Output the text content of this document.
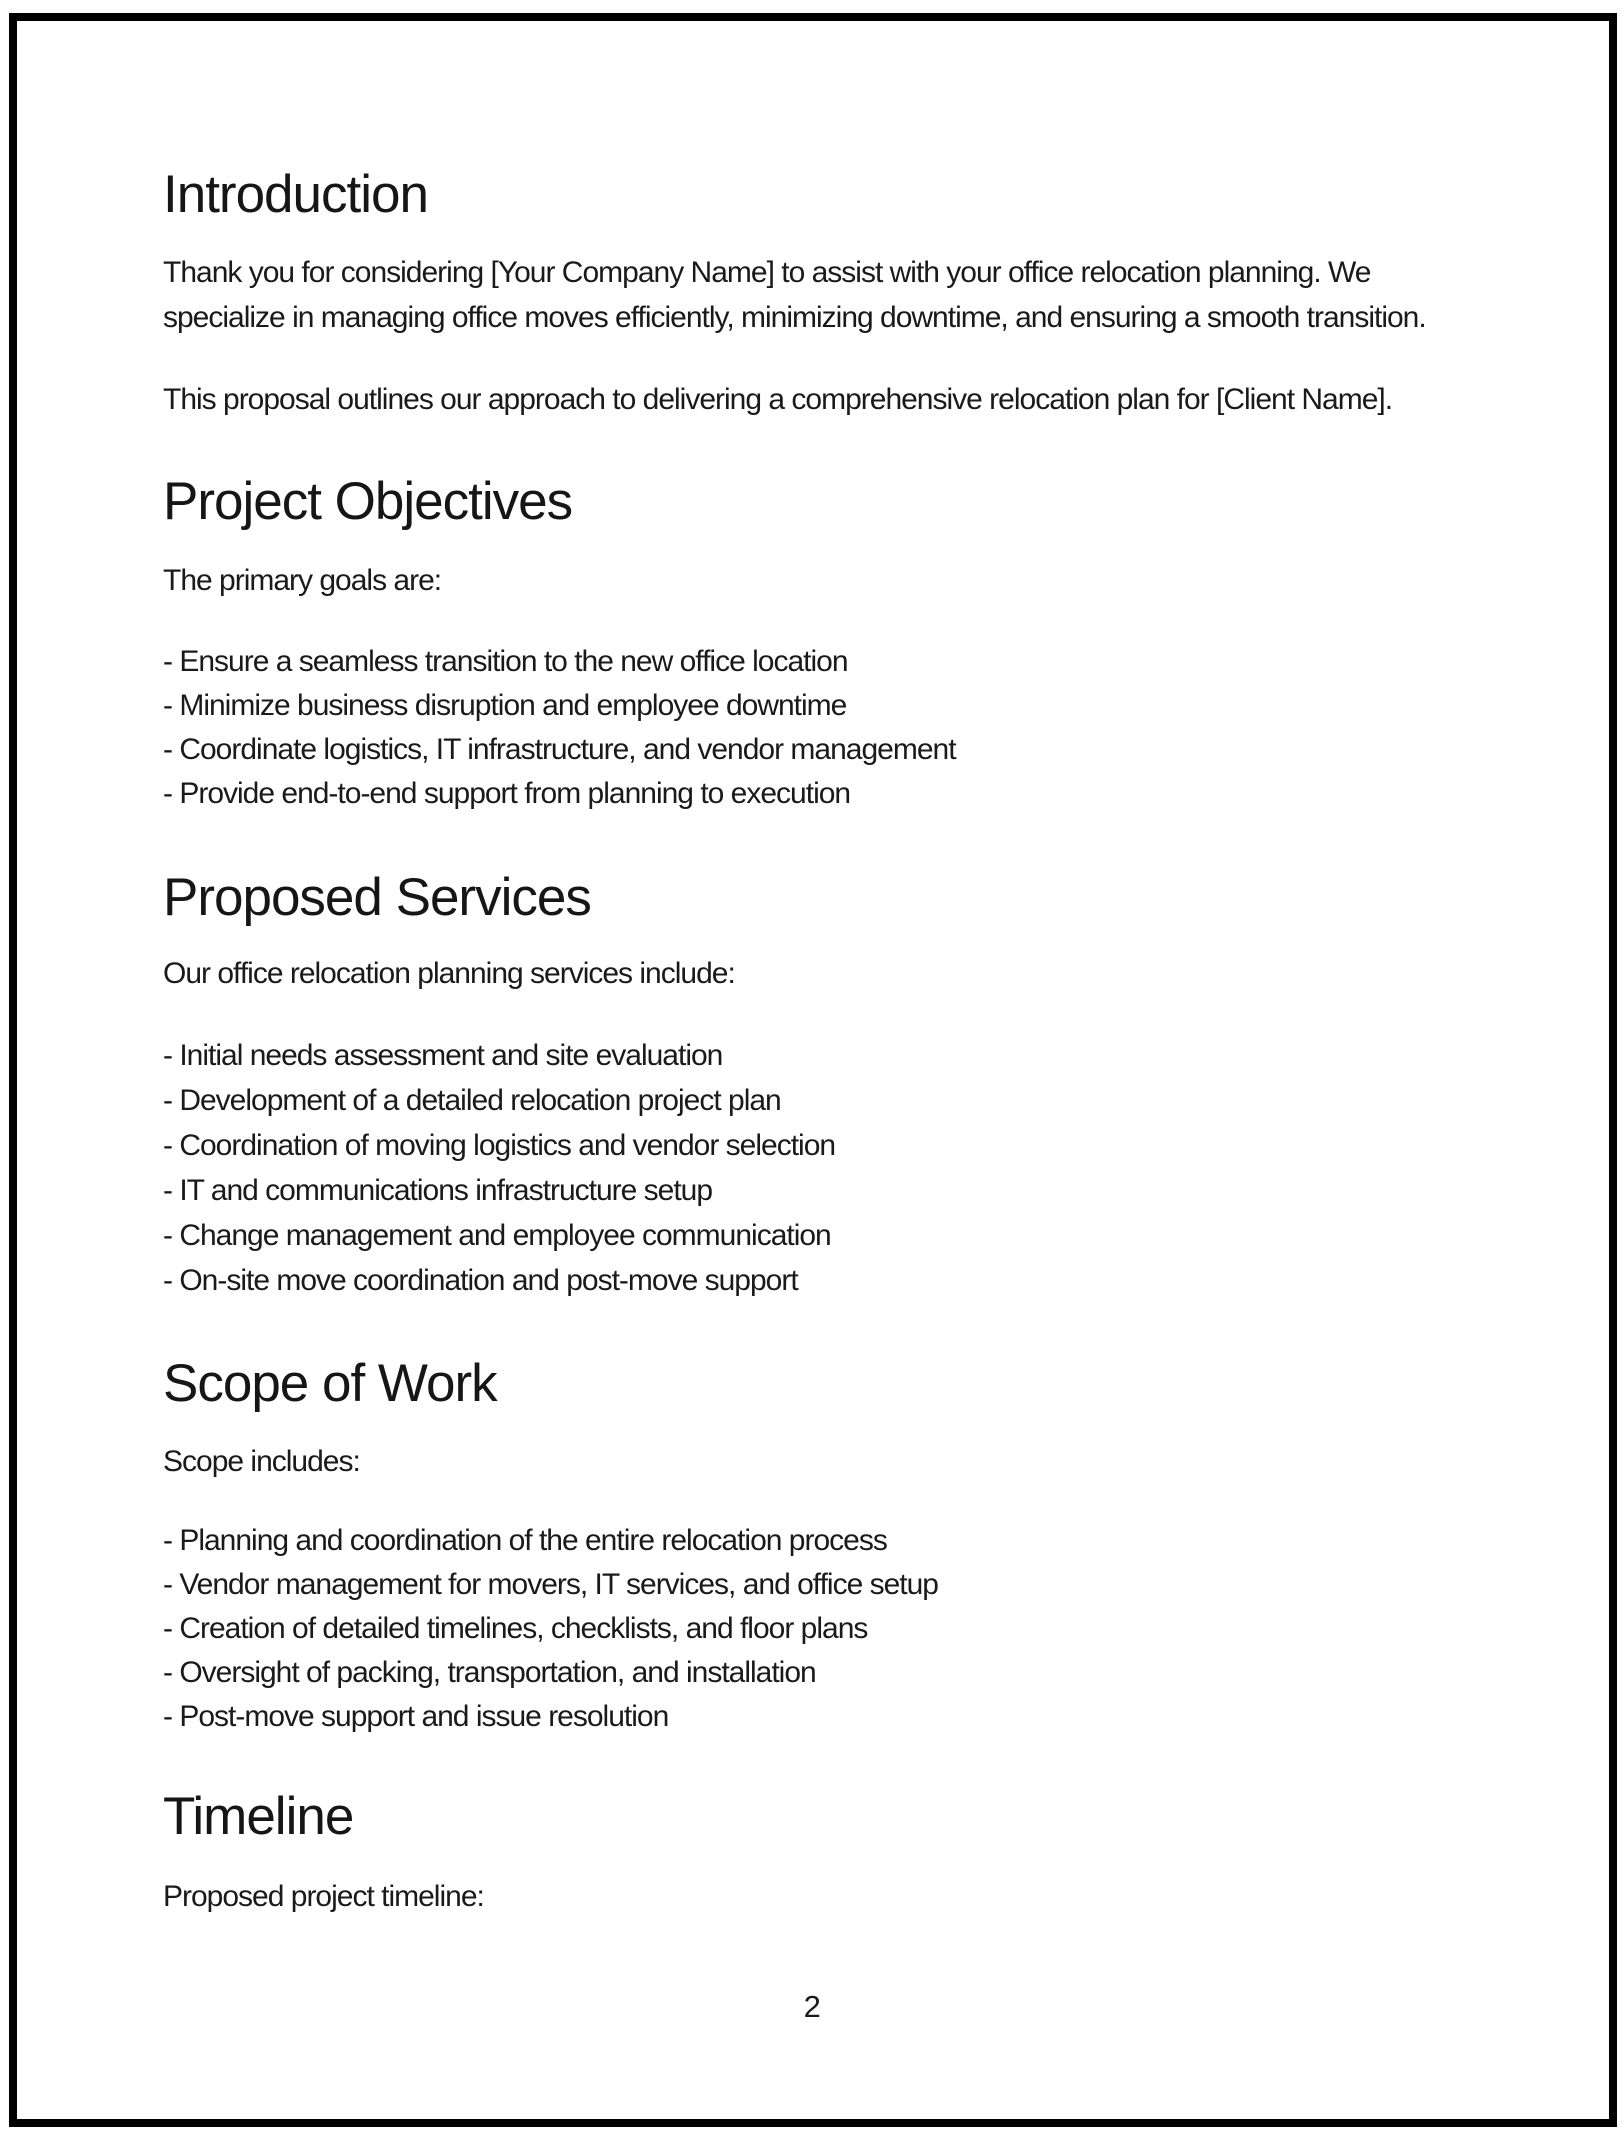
Introduction

Thank you for considering [Your Company Name] to assist with your office relocation planning. We
specialize in managing office moves efficiently, minimizing downtime, and ensuring a smooth transition.

This proposal outlines our approach to delivering a comprehensive relocation plan for [Client Name].

Project Objectives

The primary goals are:

- Ensure a seamless transition to the new office location
- Minimize business disruption and employee downtime
- Coordinate logistics, IT infrastructure, and vendor management
- Provide end-to-end support from planning to execution
Proposed Services

Our office relocation planning services include:

- Initial needs assessment and site evaluation
- Development of a detailed relocation project plan
- Coordination of moving logistics and vendor selection
- IT and communications infrastructure setup
- Change management and employee communication
- On-site move coordination and post-move support
Scope of Work

Scope includes:

- Planning and coordination of the entire relocation process
- Vendor management for movers, IT services, and office setup
- Creation of detailed timelines, checklists, and floor plans
- Oversight of packing, transportation, and installation
- Post-move support and issue resolution
Timeline

Proposed project timeline:

2
